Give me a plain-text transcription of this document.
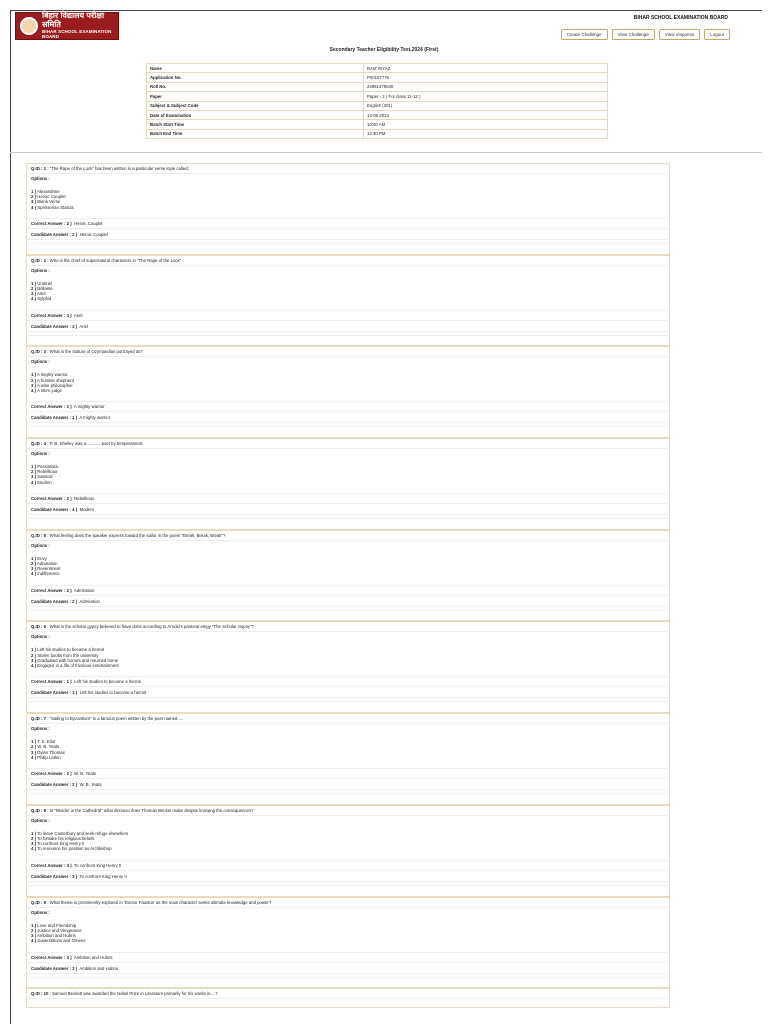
बिहार विद्यालय परीक्षा समिति
BIHAR SCHOOL EXAMINATION BOARD
BIHAR SCHOOL EXAMINATION BOARD
Create Challenge	View Challenge	View response	Logout
Secondary Teacher Eligibility Test,2024 (First)
Name	RAIZ RIYAZ
Application No.	P00167776
Roll No.	24991479030
Paper	Paper - 2 ( For class 11-12 )
Subject & Subject Code	English (201)
Date of Examination	13-06-2024
Batch Start Time	10:00 AM
Batch End Time	12:30 PM
Q.ID : 1 : "The Rape of the Lock" has been written in a particular verse style called:
Options :
1 ) Alexandrine
2 ) Heroic Couplet
3 ) Blank Verse
4 ) Spenserian Stanza
Correct Answer : 2 ) Heroic Couplet
Candidate Answer : 2 ) Heroic Couplet
Q.ID : 2 : Who is the chief of supernatural characters in "The Rape of the Lock"
Options :
1 ) Umbriel
2 ) Brillante
3 ) Ariel
4 ) Sylphid
Correct Answer : 3 ) Ariel
Candidate Answer : 3 ) Ariel
Q.ID : 3 : What is the stature of Ozymandias portrayed as?
Options :
1 ) A mighty warrior
2 ) A humble shepherd
3 ) A wise philosopher
4 ) A stern judge
Correct Answer : 1 ) A mighty warrior
Candidate Answer : 1 ) A mighty warrior
Q.ID : 4 : P. B. Shelley was a ........... poet by temperament.
Options :
1 ) Pessimistic
2 ) Rebellious
3 ) Satirical
4 ) Modern
Correct Answer : 2 ) Rebellious
Candidate Answer : 4 ) Modern
Q.ID : 5 : What feeling does the speaker express toward the sailor in the poem "Break, Break, Break"?
Options :
1 ) Envy
2 ) Admiration
3 ) Resentment
4 ) Indifference
Correct Answer : 2 ) Admiration
Candidate Answer : 2 ) Admiration
Q.ID : 6 : What is the scholar gypsy believed to have done according to Arnold's pastoral elegy "The Scholar Gypsy"?
Options :
1 ) Left his studies to become a hermit
2 ) Stolen books from the university
3 ) Graduated with honors and returned home
4 ) Engaged in a life of frivolous entertainment
Correct Answer : 1 ) Left his studies to become a hermit
Candidate Answer : 1 ) Left his studies to become a hermit
Q.ID : 7 : "Sailing to Byzantium" is a famous poem written by the poet named.....
Options :
1 ) T. S. Eliot
2 ) W. B. Yeats
3 ) Dylan Thomas
4 ) Philip Larkin
Correct Answer : 2 ) W. B. Yeats
Candidate Answer : 2 ) W. B. Yeats
Q.ID : 8 : In "Murder in the Cathedral" what decision does Thomas Becket make despite knowing the consequences?
Options :
1 ) To leave Canterbury and seek refuge elsewhere
2 ) To forsake his religious beliefs
3 ) To confront King Henry II
4 ) To renounce his position as Archbishop
Correct Answer : 3 ) To confront King Henry II
Candidate Answer : 3 ) To confront King Henry II
Q.ID : 9 : What theme is prominently explored in 'Doctor Faustus' as the main character seeks ultimate knowledge and power?
Options :
1 ) Love and Friendship
2 ) Justice and Vengeance
3 ) Ambition and Hubris
4 ) Superstitions and Omens
Correct Answer : 3 ) Ambition and Hubris
Candidate Answer : 3 ) Ambition and Hubris
Q.ID : 10 : Samuel Beckett was awarded the Nobel Prize in Literature primarily for his works in....?
